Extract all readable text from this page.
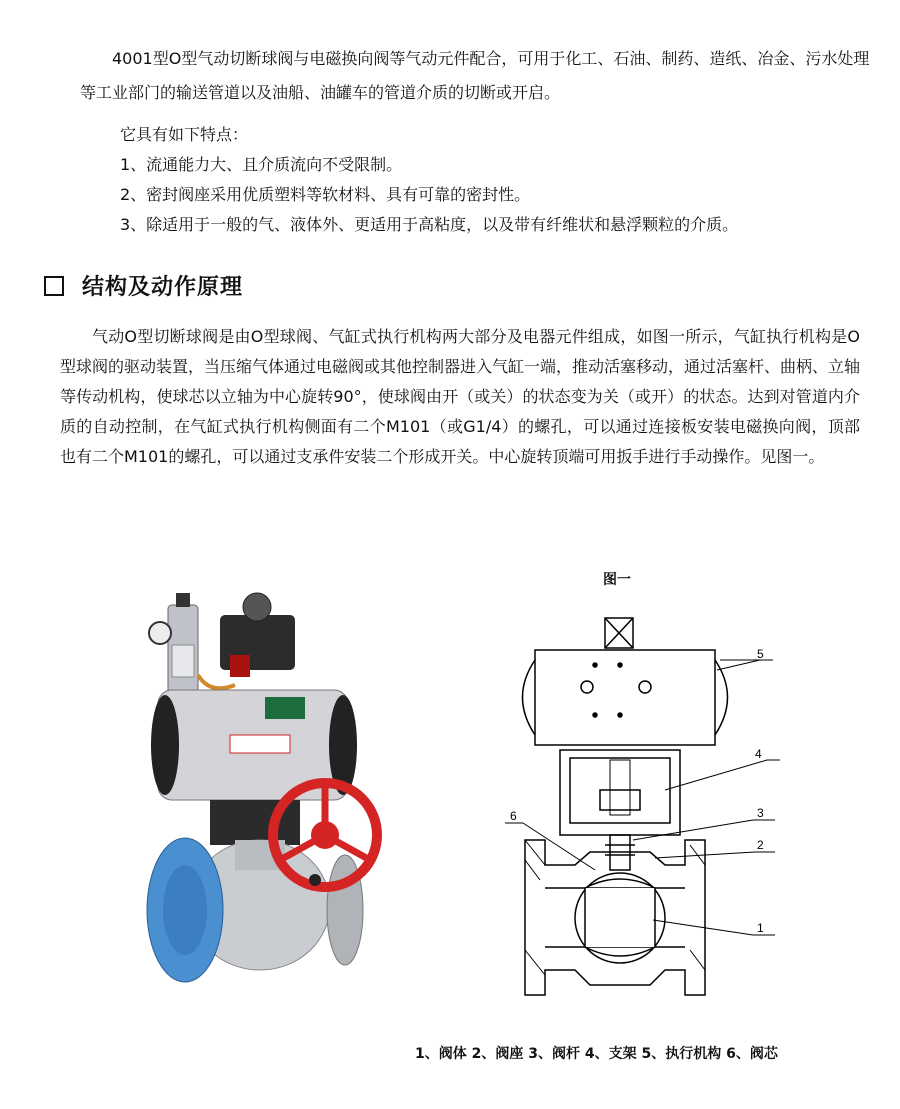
4001型O型气动切断球阀与电磁换向阀等气动元件配合，可用于化工、石油、制药、造纸、冶金、污水处理等工业部门的输送管道以及油船、油罐车的管道介质的切断或开启。

它具有如下特点：
1、流通能力大、且介质流向不受限制。
2、密封阀座采用优质塑料等软材料、具有可靠的密封性。
3、除适用于一般的气、液体外、更适用于高粘度，以及带有纤维状和悬浮颗粒的介质。
结构及动作原理

气动O型切断球阀是由O型球阀、气缸式执行机构两大部分及电器元件组成，如图一所示，气缸执行机构是O型球阀的驱动装置，当压缩气体通过电磁阀或其他控制器进入气缸一端，推动活塞移动，通过活塞杆、曲柄、立轴等传动机构，使球芯以立轴为中心旋转90°，使球阀由开（或关）的状态变为关（或开）的状态。达到对管道内介质的自动控制，在气缸式执行机构侧面有二个M101（或G1/4）的螺孔，可以通过连接板安装电磁换向阀，顶部也有二个M101的螺孔，可以通过支承件安装二个形成开关。中心旋转顶端可用扳手进行手动操作。见图一。

图一
5
4
6	3
2
1
1、阀体 2、阀座 3、阀杆 4、支架 5、执行机构 6、阀芯
